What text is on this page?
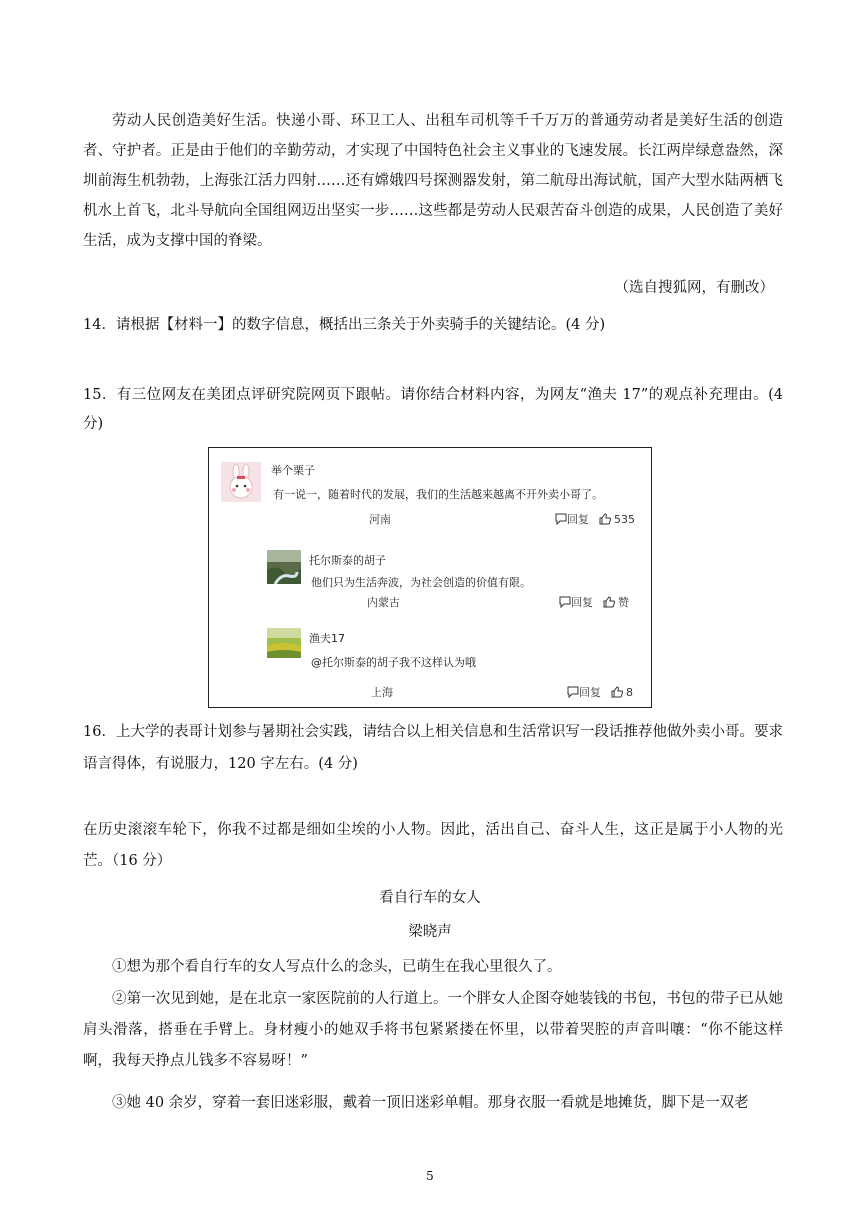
劳动人民创造美好生活。快递小哥、环卫工人、出租车司机等千千万万的普通劳动者是美好生活的创造者、守护者。正是由于他们的辛勤劳动，才实现了中国特色社会主义事业的飞速发展。长江两岸绿意盎然，深圳前海生机勃勃，上海张江活力四射……还有嫦娥四号探测器发射，第二航母出海试航，国产大型水陆两栖飞机水上首飞，北斗导航向全国组网迈出坚实一步……这些都是劳动人民艰苦奋斗创造的成果，人民创造了美好生活，成为支撑中国的脊梁。
（选自搜狐网，有删改）
14．请根据【材料一】的数字信息，概括出三条关于外卖骑手的关键结论。(4 分)
15．有三位网友在美团点评研究院网页下跟帖。请你结合材料内容，为网友“渔夫 17”的观点补充理由。(4 分)
举个栗子
有一说一，随着时代的发展，我们的生活越来越离不开外卖小哥了。
河南	回复 535
托尔斯泰的胡子
他们只为生活奔波，为社会创造的价值有限。
内蒙古	回复 赞
渔夫17
@托尔斯泰的胡子我不这样认为哦
上海	回复 8
16．上大学的表哥计划参与暑期社会实践，请结合以上相关信息和生活常识写一段话推荐他做外卖小哥。要求语言得体，有说服力，120 字左右。(4 分)
在历史滚滚车轮下，你我不过都是细如尘埃的小人物。因此，活出自己、奋斗人生，这正是属于小人物的光芒。（16 分）
看自行车的女人
梁晓声
①想为那个看自行车的女人写点什么的念头，已萌生在我心里很久了。
②第一次见到她，是在北京一家医院前的人行道上。一个胖女人企图夺她装钱的书包，书包的带子已从她肩头滑落，搭垂在手臂上。身材瘦小的她双手将书包紧紧搂在怀里，以带着哭腔的声音叫嚷：“你不能这样啊，我每天挣点儿钱多不容易呀！”
③她 40 余岁，穿着一套旧迷彩服，戴着一顶旧迷彩单帽。那身衣服一看就是地摊货，脚下是一双老
5
